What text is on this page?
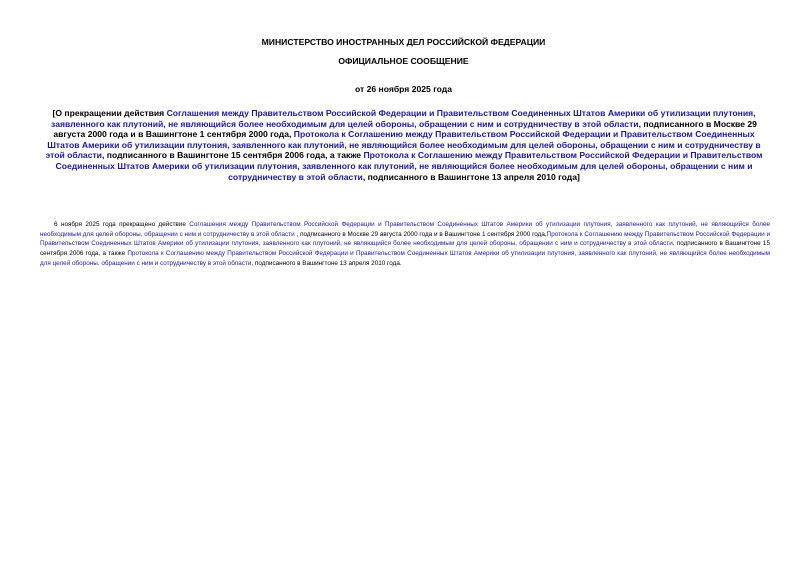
МИНИСТЕРСТВО ИНОСТРАННЫХ ДЕЛ РОССИЙСКОЙ ФЕДЕРАЦИИ
ОФИЦИАЛЬНОЕ СООБЩЕНИЕ
от 26 ноября 2025 года
[О прекращении действия Соглашения между Правительством Российской Федерации и Правительством Соединенных Штатов Америки об утилизации плутония, заявленного как плутоний, не являющийся более необходимым для целей обороны, обращении с ним и сотрудничеству в этой области, подписанного в Москве 29 августа 2000 года и в Вашингтоне 1 сентября 2000 года, Протокола к Соглашению между Правительством Российской Федерации и Правительством Соединенных Штатов Америки об утилизации плутония, заявленного как плутоний, не являющийся более необходимым для целей обороны, обращении с ним и сотрудничеству в этой области, подписанного в Вашингтоне 15 сентября 2006 года, а также Протокола к Соглашению между Правительством Российской Федерации и Правительством Соединенных Штатов Америки об утилизации плутония, заявленного как плутоний, не являющийся более необходимым для целей обороны, обращении с ним и сотрудничеству в этой области, подписанного в Вашингтоне 13 апреля 2010 года]
6 ноября 2025 года прекращено действие Соглашения между Правительством Российской Федерации и Правительством Соединенных Штатов Америки об утилизации плутония, заявленного как плутоний, не являющийся более необходимым для целей обороны, обращении с ним и сотрудничеству в этой области , подписанного в Москве 29 августа 2000 года и в Вашингтоне 1 сентября 2000 года,Протокола к Соглашению между Правительством Российской Федерации и Правительством Соединенных Штатов Америки об утилизации плутония, заявленного как плутоний, не являющийся более необходимым для целей обороны, обращении с ним и сотрудничеству в этой области, подписанного в Вашингтоне 15 сентября 2006 года, а также Протокола к Соглашению между Правительством Российской Федерации и Правительством Соединенных Штатов Америки об утилизации плутония, заявленного как плутоний, не являющийся более необходимым для целей обороны, обращении с ним и сотрудничеству в этой области, подписанного в Вашингтоне 13 апреля 2010 года.
